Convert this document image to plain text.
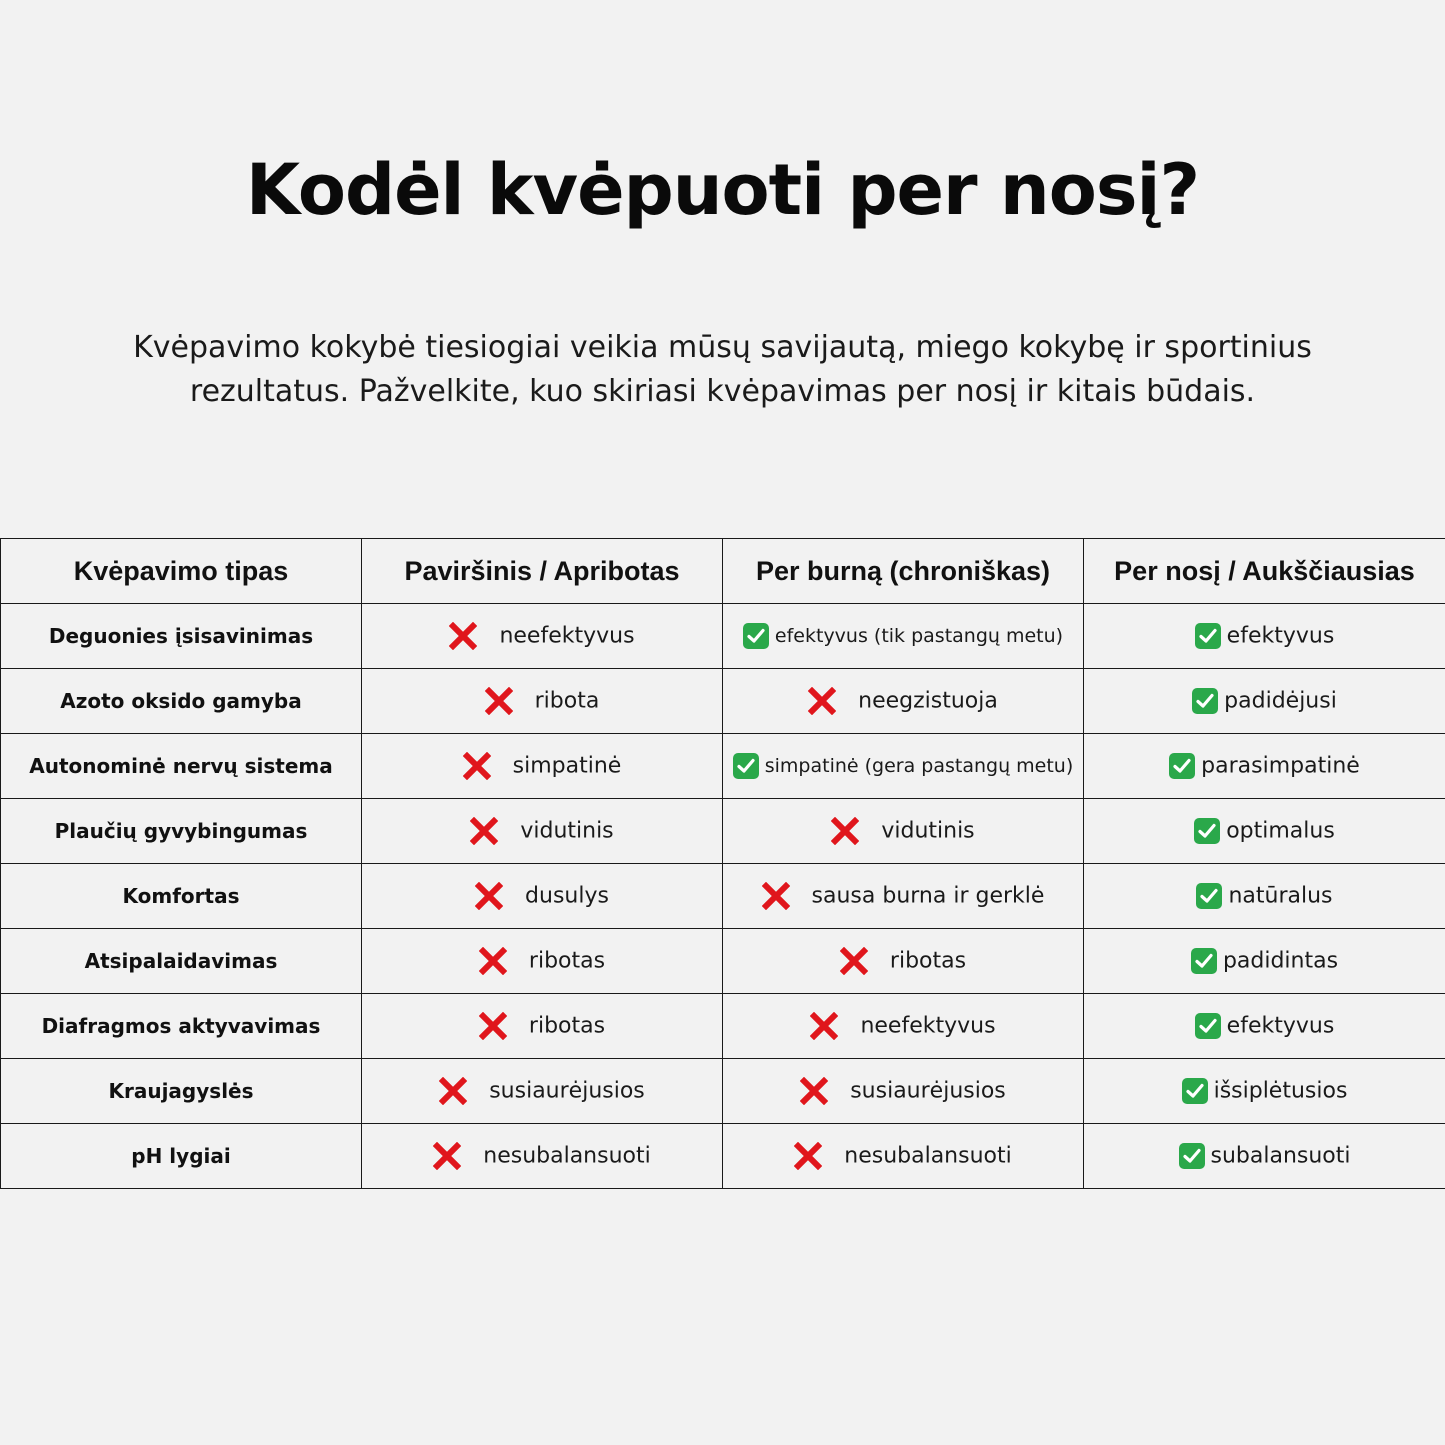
Kodėl kvėpuoti per nosį?

Kvėpavimo kokybė tiesiogiai veikia mūsų savijautą, miego kokybę ir sportinius rezultatus. Pažvelkite, kuo skiriasi kvėpavimas per nosį ir kitais būdais.

Kvėpavimo tipas	Paviršinis / Apribotas	Per burną (chroniškas)	Per nosį / Aukščiausias
Deguonies įsisavinimas	neefektyvus	efektyvus (tik pastangų metu)	efektyvus
Azoto oksido gamyba	ribota	neegzistuoja	padidėjusi
Autonominė nervų sistema	simpatinė	simpatinė (gera pastangų metu)	parasimpatinė
Plaučių gyvybingumas	vidutinis	vidutinis	optimalus
Komfortas	dusulys	sausa burna ir gerklė	natūralus
Atsipalaidavimas	ribotas	ribotas	padidintas
Diafragmos aktyvavimas	ribotas	neefektyvus	efektyvus
Kraujagyslės	susiaurėjusios	susiaurėjusios	išsiplėtusios
pH lygiai	nesubalansuoti	nesubalansuoti	subalansuoti
